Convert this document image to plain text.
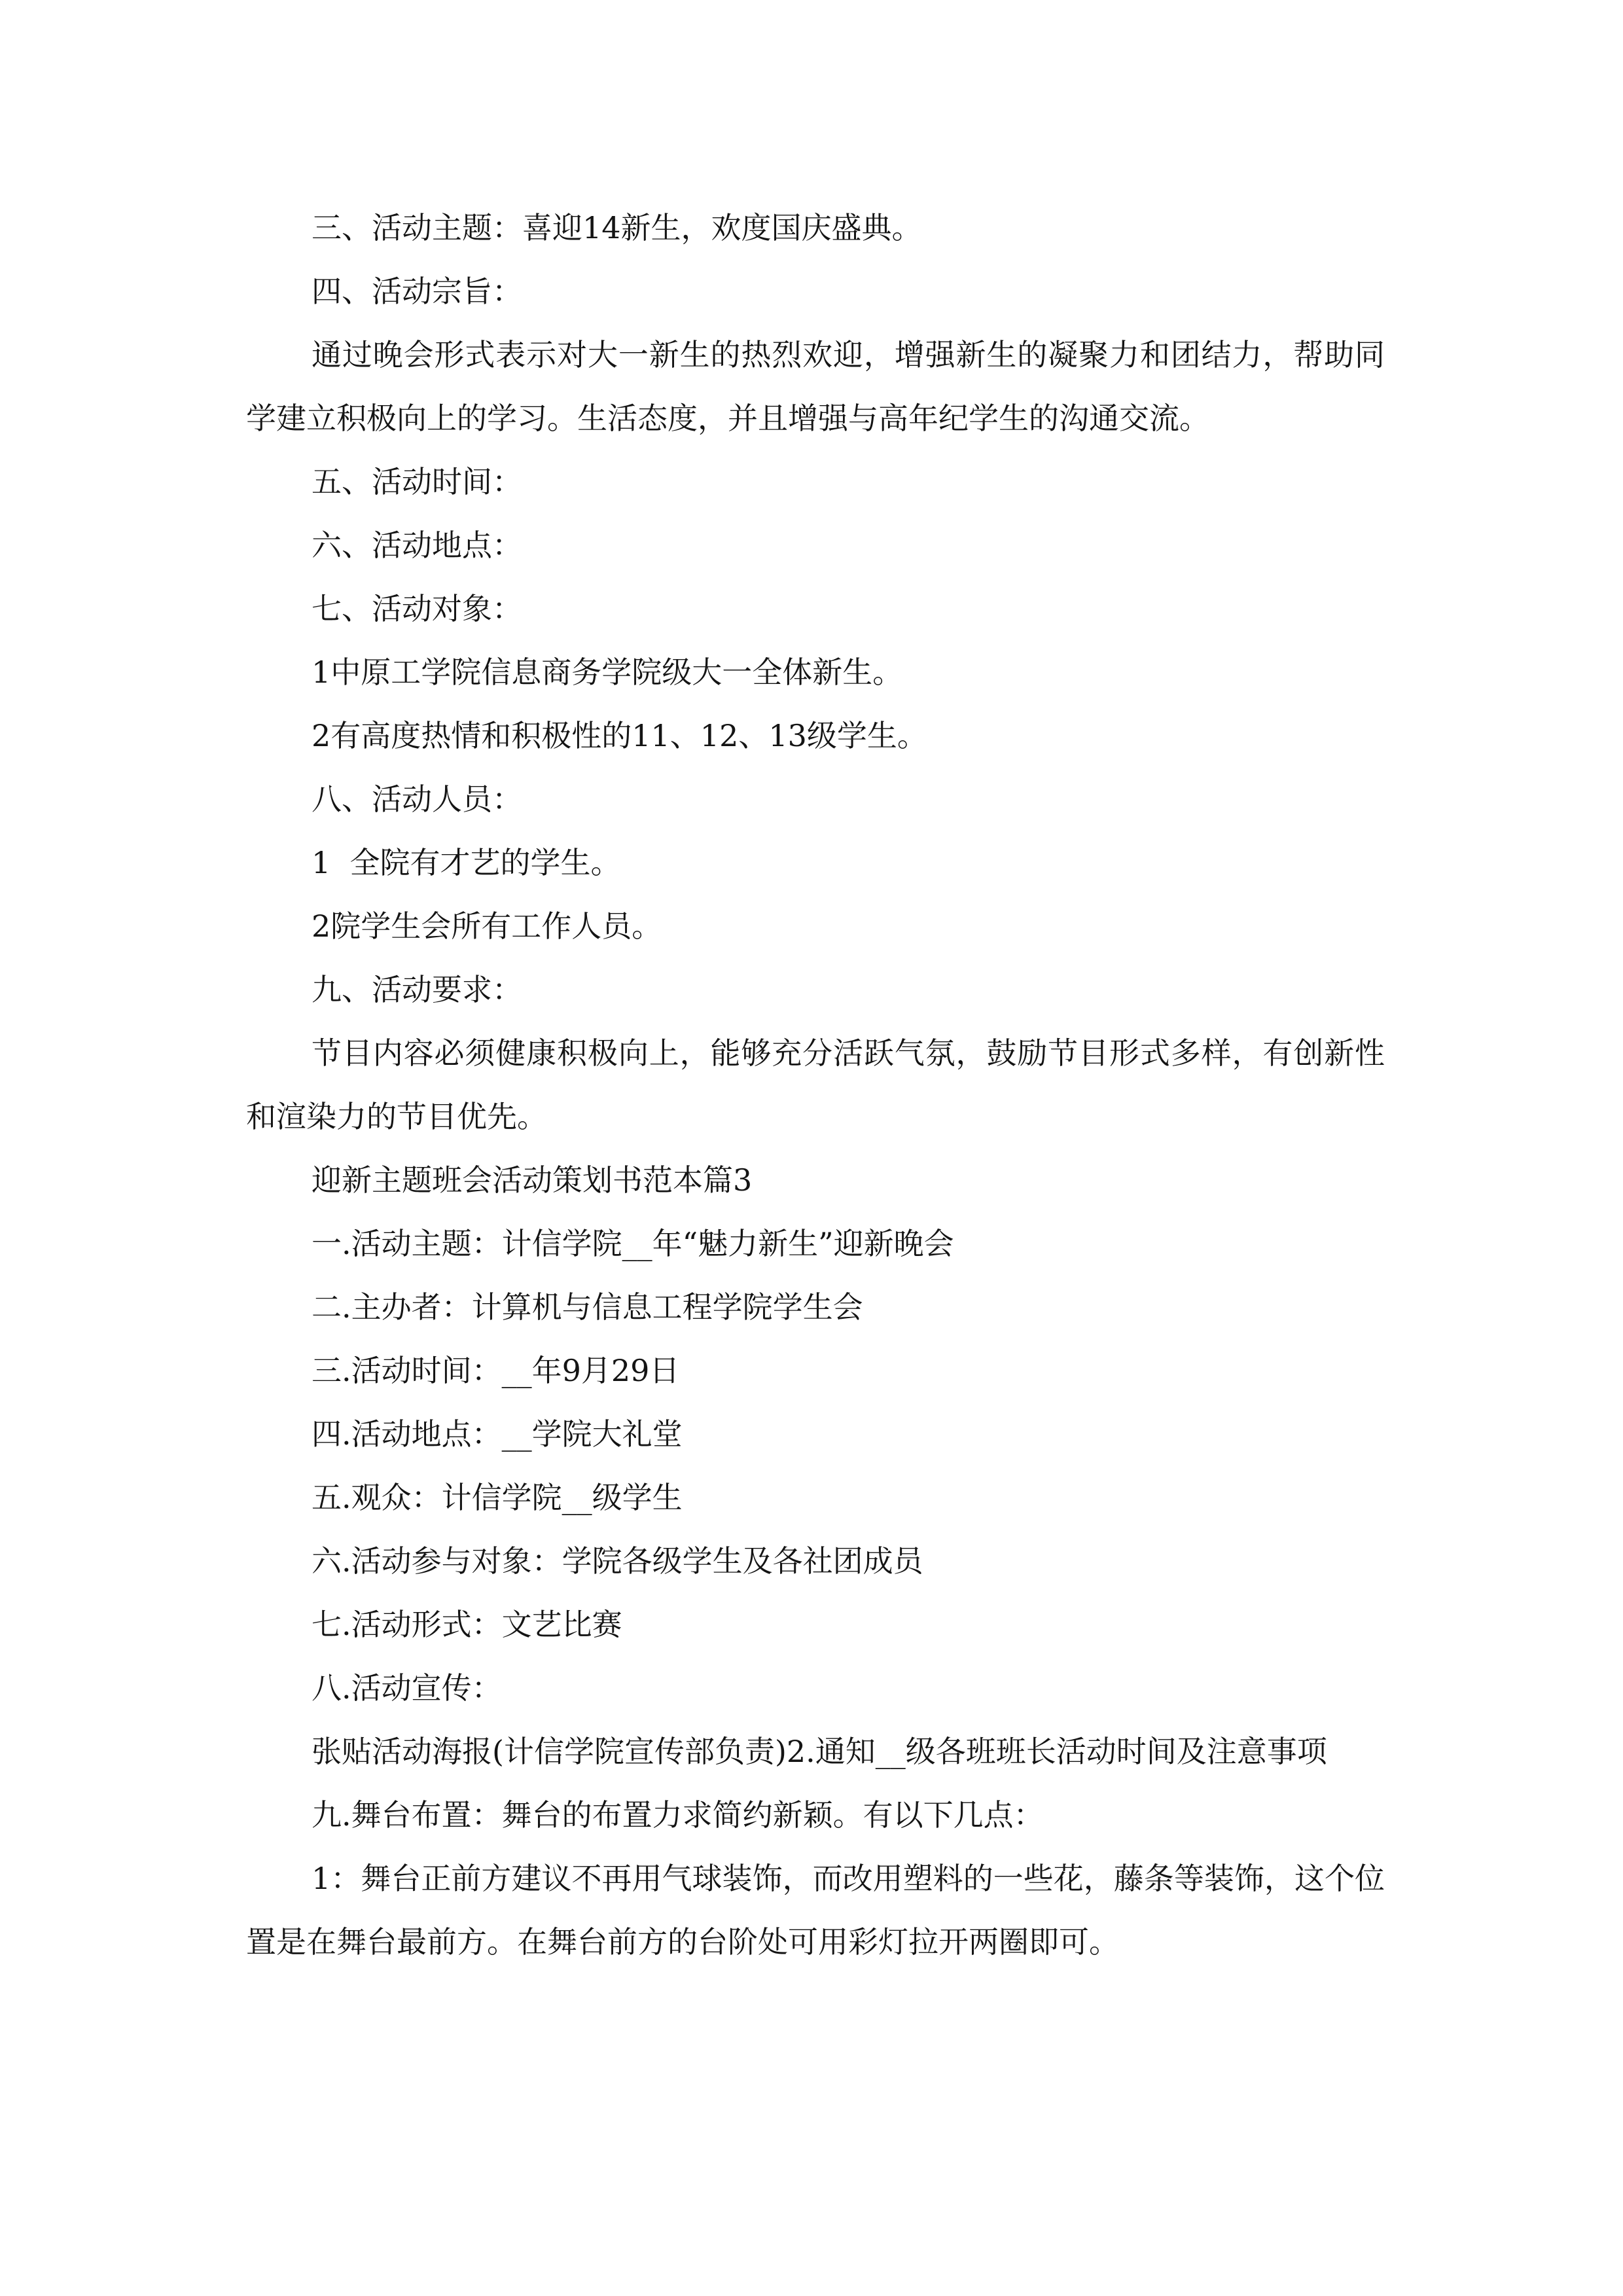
三、活动主题：喜迎14新生，欢度国庆盛典。

四、活动宗旨：

通过晚会形式表示对大一新生的热烈欢迎，增强新生的凝聚力和团结力，帮助同学建立积极向上的学习。生活态度，并且增强与高年纪学生的沟通交流。

五、活动时间：

六、活动地点：

七、活动对象：

1中原工学院信息商务学院级大一全体新生。

2有高度热情和积极性的11、12、13级学生。

八、活动人员：

1  全院有才艺的学生。

2院学生会所有工作人员。

九、活动要求：

节目内容必须健康积极向上，能够充分活跃气氛，鼓励节目形式多样，有创新性和渲染力的节目优先。

迎新主题班会活动策划书范本篇3

一.活动主题：计信学院__年“魅力新生”迎新晚会

二.主办者：计算机与信息工程学院学生会

三.活动时间：__年9月29日

四.活动地点：__学院大礼堂

五.观众：计信学院__级学生

六.活动参与对象：学院各级学生及各社团成员

七.活动形式：文艺比赛

八.活动宣传：

张贴活动海报(计信学院宣传部负责)2.通知__级各班班长活动时间及注意事项

九.舞台布置：舞台的布置力求简约新颖。有以下几点：

1：舞台正前方建议不再用气球装饰，而改用塑料的一些花，藤条等装饰，这个位置是在舞台最前方。在舞台前方的台阶处可用彩灯拉开两圈即可。
